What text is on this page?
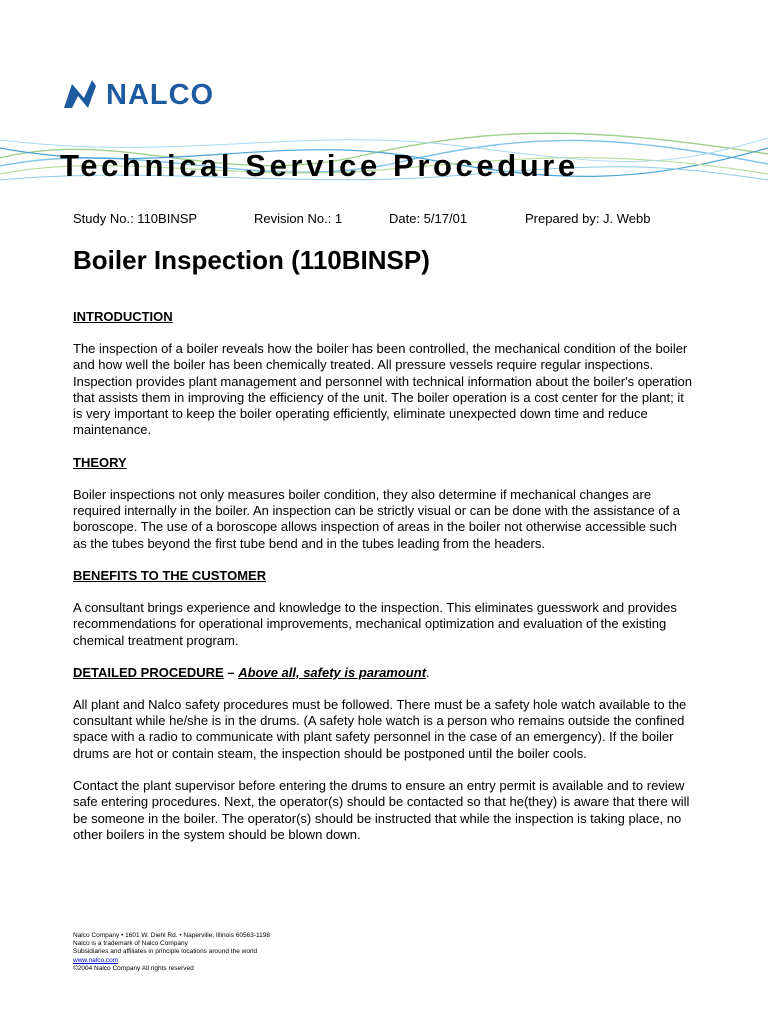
NALCO
Technical Service Procedure
Study No.: 110BINSP	Revision No.: 1	Date: 5/17/01	Prepared by: J. Webb
Boiler Inspection (110BINSP)
INTRODUCTION

The inspection of a boiler reveals how the boiler has been controlled, the mechanical condition of the boiler and how well the boiler has been chemically treated. All pressure vessels require regular inspections. Inspection provides plant management and personnel with technical information about the boiler's operation that assists them in improving the efficiency of the unit. The boiler operation is a cost center for the plant; it is very important to keep the boiler operating efficiently, eliminate unexpected down time and reduce maintenance.

THEORY

Boiler inspections not only measures boiler condition, they also determine if mechanical changes are required internally in the boiler. An inspection can be strictly visual or can be done with the assistance of a boroscope. The use of a boroscope allows inspection of areas in the boiler not otherwise accessible such as the tubes beyond the first tube bend and in the tubes leading from the headers.

BENEFITS TO THE CUSTOMER

A consultant brings experience and knowledge to the inspection. This eliminates guesswork and provides recommendations for operational improvements, mechanical optimization and evaluation of the existing chemical treatment program.

DETAILED PROCEDURE – Above all, safety is paramount.

All plant and Nalco safety procedures must be followed. There must be a safety hole watch available to the consultant while he/she is in the drums. (A safety hole watch is a person who remains outside the confined space with a radio to communicate with plant safety personnel in the case of an emergency). If the boiler drums are hot or contain steam, the inspection should be postponed until the boiler cools.

Contact the plant supervisor before entering the drums to ensure an entry permit is available and to review safe entering procedures. Next, the operator(s) should be contacted so that he(they) is aware that there will be someone in the boiler. The operator(s) should be instructed that while the inspection is taking place, no other boilers in the system should be blown down.

Nalco Company • 1601 W. Diehl Rd. • Naperville, Illinois 60563-1198
Nalco is a trademark of Nalco Company
Subsidiaries and affiliates in principle locations around the world
www.nalco.com
©2004 Nalco Company All rights reserved
